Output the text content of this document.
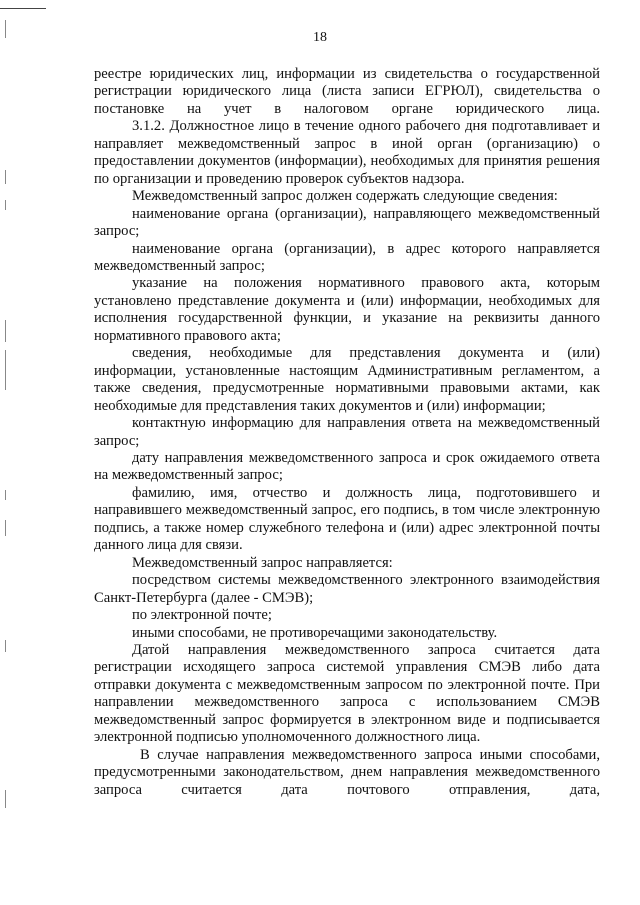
18

реестре юридических лиц, информации из свидетельства о государственной регистрации юридического лица (листа записи ЕГРЮЛ), свидетельства о постановке на учет в налоговом органе юридического лица.

3.1.2. Должностное лицо в течение одного рабочего дня подготавливает и направляет межведомственный запрос в иной орган (организацию) о предоставлении документов (информации), необходимых для принятия решения по организации и проведению проверок субъектов надзора.

Межведомственный запрос должен содержать следующие сведения:

наименование органа (организации), направляющего межведомственный запрос;

наименование органа (организации), в адрес которого направляется межведомственный запрос;

указание на положения нормативного правового акта, которым установлено представление документа и (или) информации, необходимых для исполнения государственной функции, и указание на реквизиты данного нормативного правового акта;

сведения, необходимые для представления документа и (или) информации, установленные настоящим Административным регламентом, а также сведения, предусмотренные нормативными правовыми актами, как необходимые для представления таких документов и (или) информации;

контактную информацию для направления ответа на межведомственный запрос;

дату направления межведомственного запроса и срок ожидаемого ответа на межведомственный запрос;

фамилию, имя, отчество и должность лица, подготовившего и направившего межведомственный запрос, его подпись, в том числе электронную подпись, а также номер служебного телефона и (или) адрес электронной почты данного лица для связи.

Межведомственный запрос направляется:

посредством системы межведомственного электронного взаимодействия Санкт-Петербурга (далее - СМЭВ);

по электронной почте;

иными способами, не противоречащими законодательству.

Датой направления межведомственного запроса считается дата регистрации исходящего запроса системой управления СМЭВ либо дата отправки документа с межведомственным запросом по электронной почте. При направлении межведомственного запроса с использованием СМЭВ межведомственный запрос формируется в электронном виде и подписывается электронной подписью уполномоченного должностного лица.

В случае направления межведомственного запроса иными способами, предусмотренными законодательством, днем направления межведомственного запроса считается дата почтового отправления, дата,
